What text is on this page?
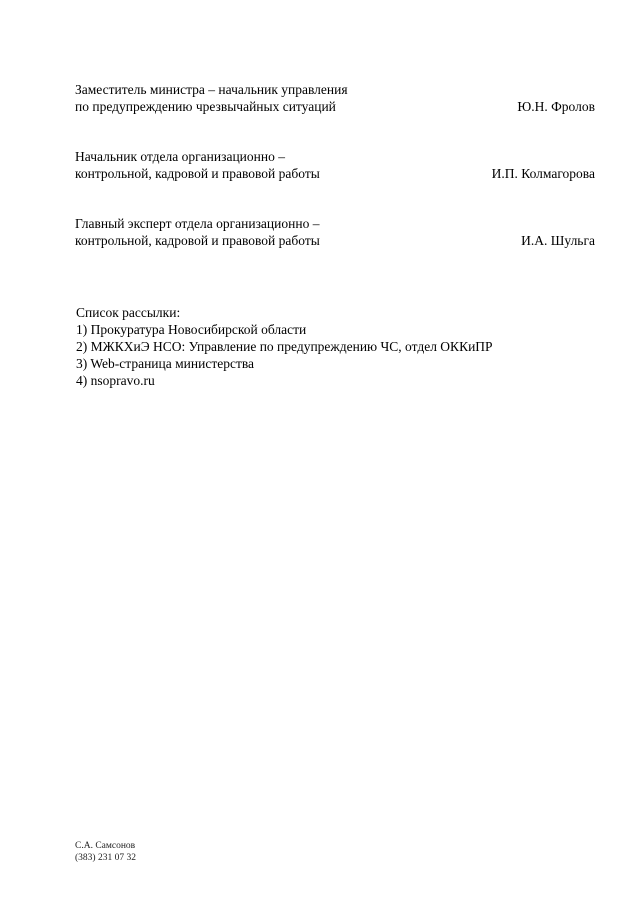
Заместитель министра – начальник управления
по предупреждению чрезвычайных ситуаций	Ю.Н. Фролов
Начальник отдела организационно –
контрольной, кадровой и правовой работы	И.П. Колмагорова
Главный эксперт отдела организационно –
контрольной, кадровой и правовой работы	И.А. Шульга
Список рассылки:
1) Прокуратура Новосибирской области
2) МЖКХиЭ НСО: Управление по предупреждению ЧС, отдел ОККиПР
3) Web-страница министерства
4) nsopravo.ru
С.А. Самсонов
(383) 231 07 32
